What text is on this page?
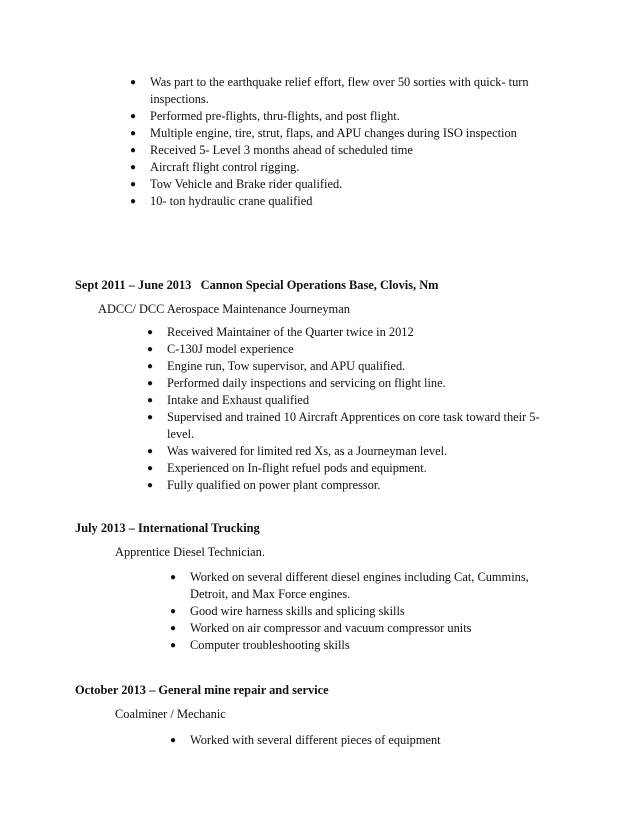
● Was part to the earthquake relief effort, flew over 50 sorties with quick- turn inspections.
● Performed pre-flights, thru-flights, and post flight.
● Multiple engine, tire, strut, flaps, and APU changes during ISO inspection
● Received 5- Level 3 months ahead of scheduled time
● Aircraft flight control rigging.
● Tow Vehicle and Brake rider qualified.
● 10- ton hydraulic crane qualified
Sept 2011 – June 2013   Cannon Special Operations Base, Clovis, Nm
ADCC/ DCC Aerospace Maintenance Journeyman
● Received Maintainer of the Quarter twice in 2012
● C-130J model experience
● Engine run, Tow supervisor, and APU qualified.
● Performed daily inspections and servicing on flight line.
● Intake and Exhaust qualified
● Supervised and trained 10 Aircraft Apprentices on core task toward their 5-level.
● Was waivered for limited red Xs, as a Journeyman level.
● Experienced on In-flight refuel pods and equipment.
● Fully qualified on power plant compressor.
July 2013 – International Trucking
Apprentice Diesel Technician.
● Worked on several different diesel engines including Cat, Cummins, Detroit, and Max Force engines.
● Good wire harness skills and splicing skills
● Worked on air compressor and vacuum compressor units
● Computer troubleshooting skills
October 2013 – General mine repair and service
Coalminer / Mechanic
● Worked with several different pieces of equipment
